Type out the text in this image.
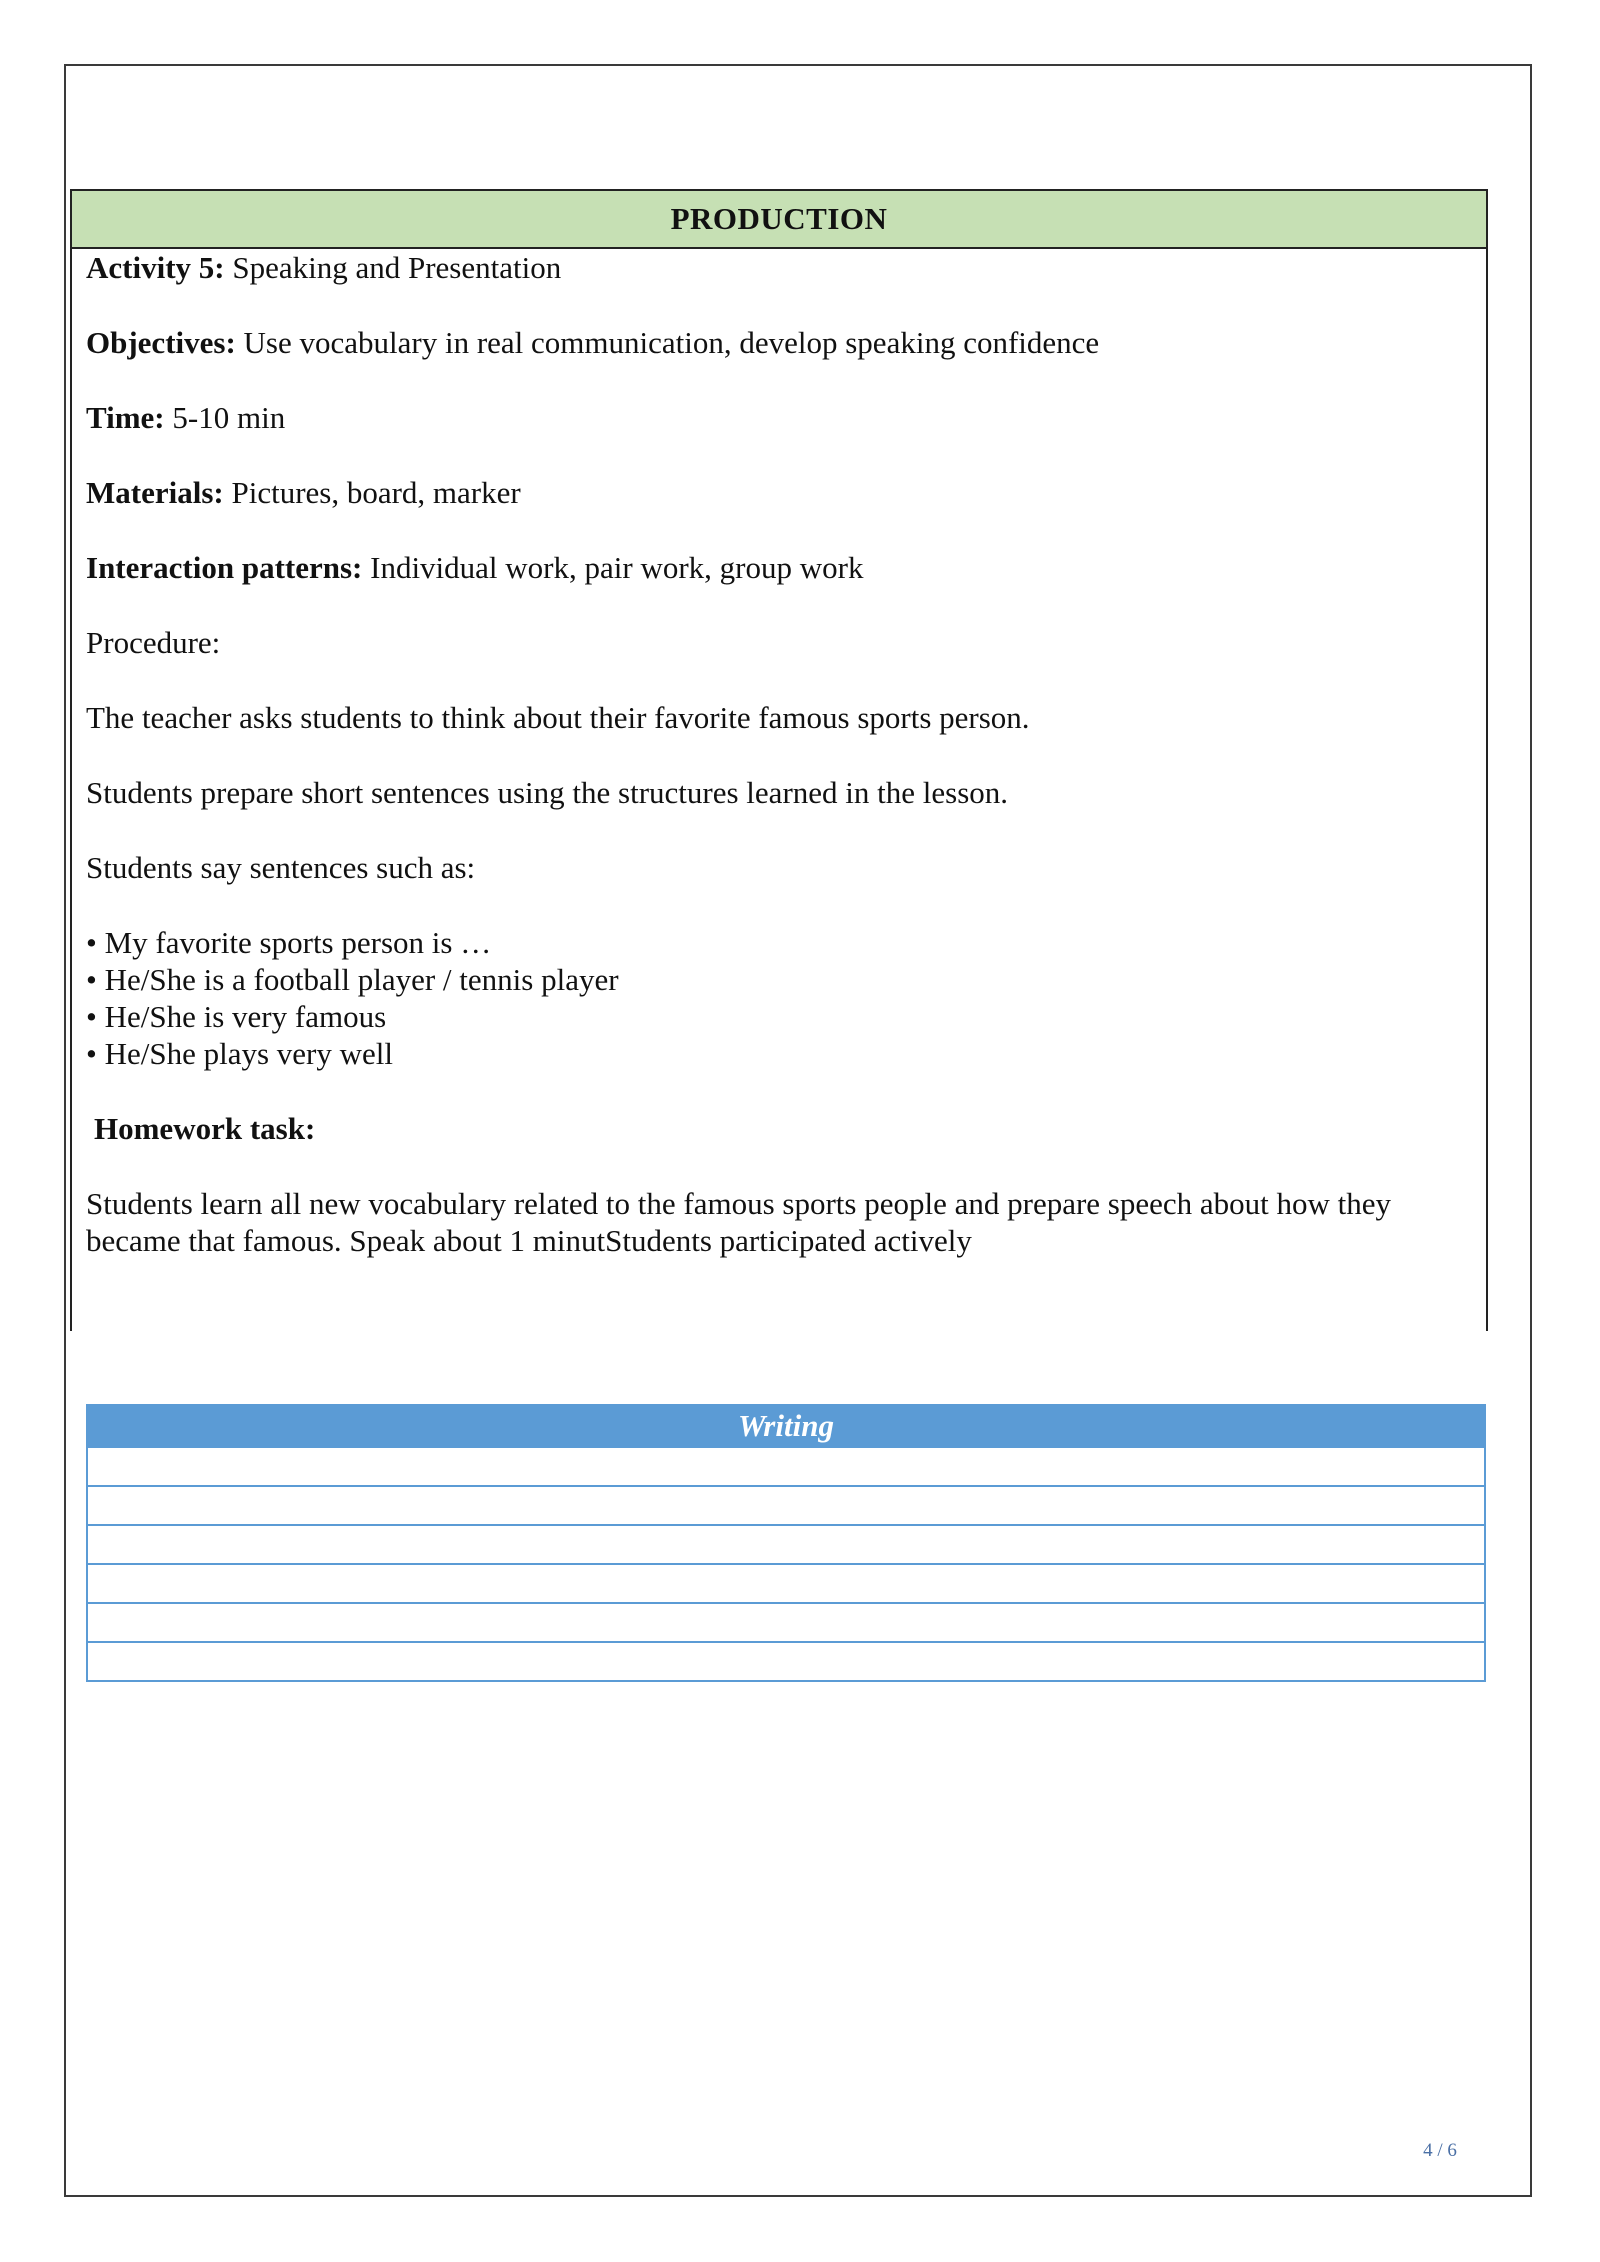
PRODUCTION

Activity 5: Speaking and Presentation

Objectives: Use vocabulary in real communication, develop speaking confidence

Time: 5-10 min

Materials: Pictures, board, marker

Interaction patterns: Individual work, pair work, group work

Procedure:

The teacher asks students to think about their favorite famous sports person.

Students prepare short sentences using the structures learned in the lesson.

Students say sentences such as:

• My favorite sports person is …
• He/She is a football player / tennis player
• He/She is very famous
• He/She plays very well

Homework task:

Students learn all new vocabulary related to the famous sports people and prepare speech about how they became that famous. Speak about 1 minutStudents participated actively

Writing
4 / 6
